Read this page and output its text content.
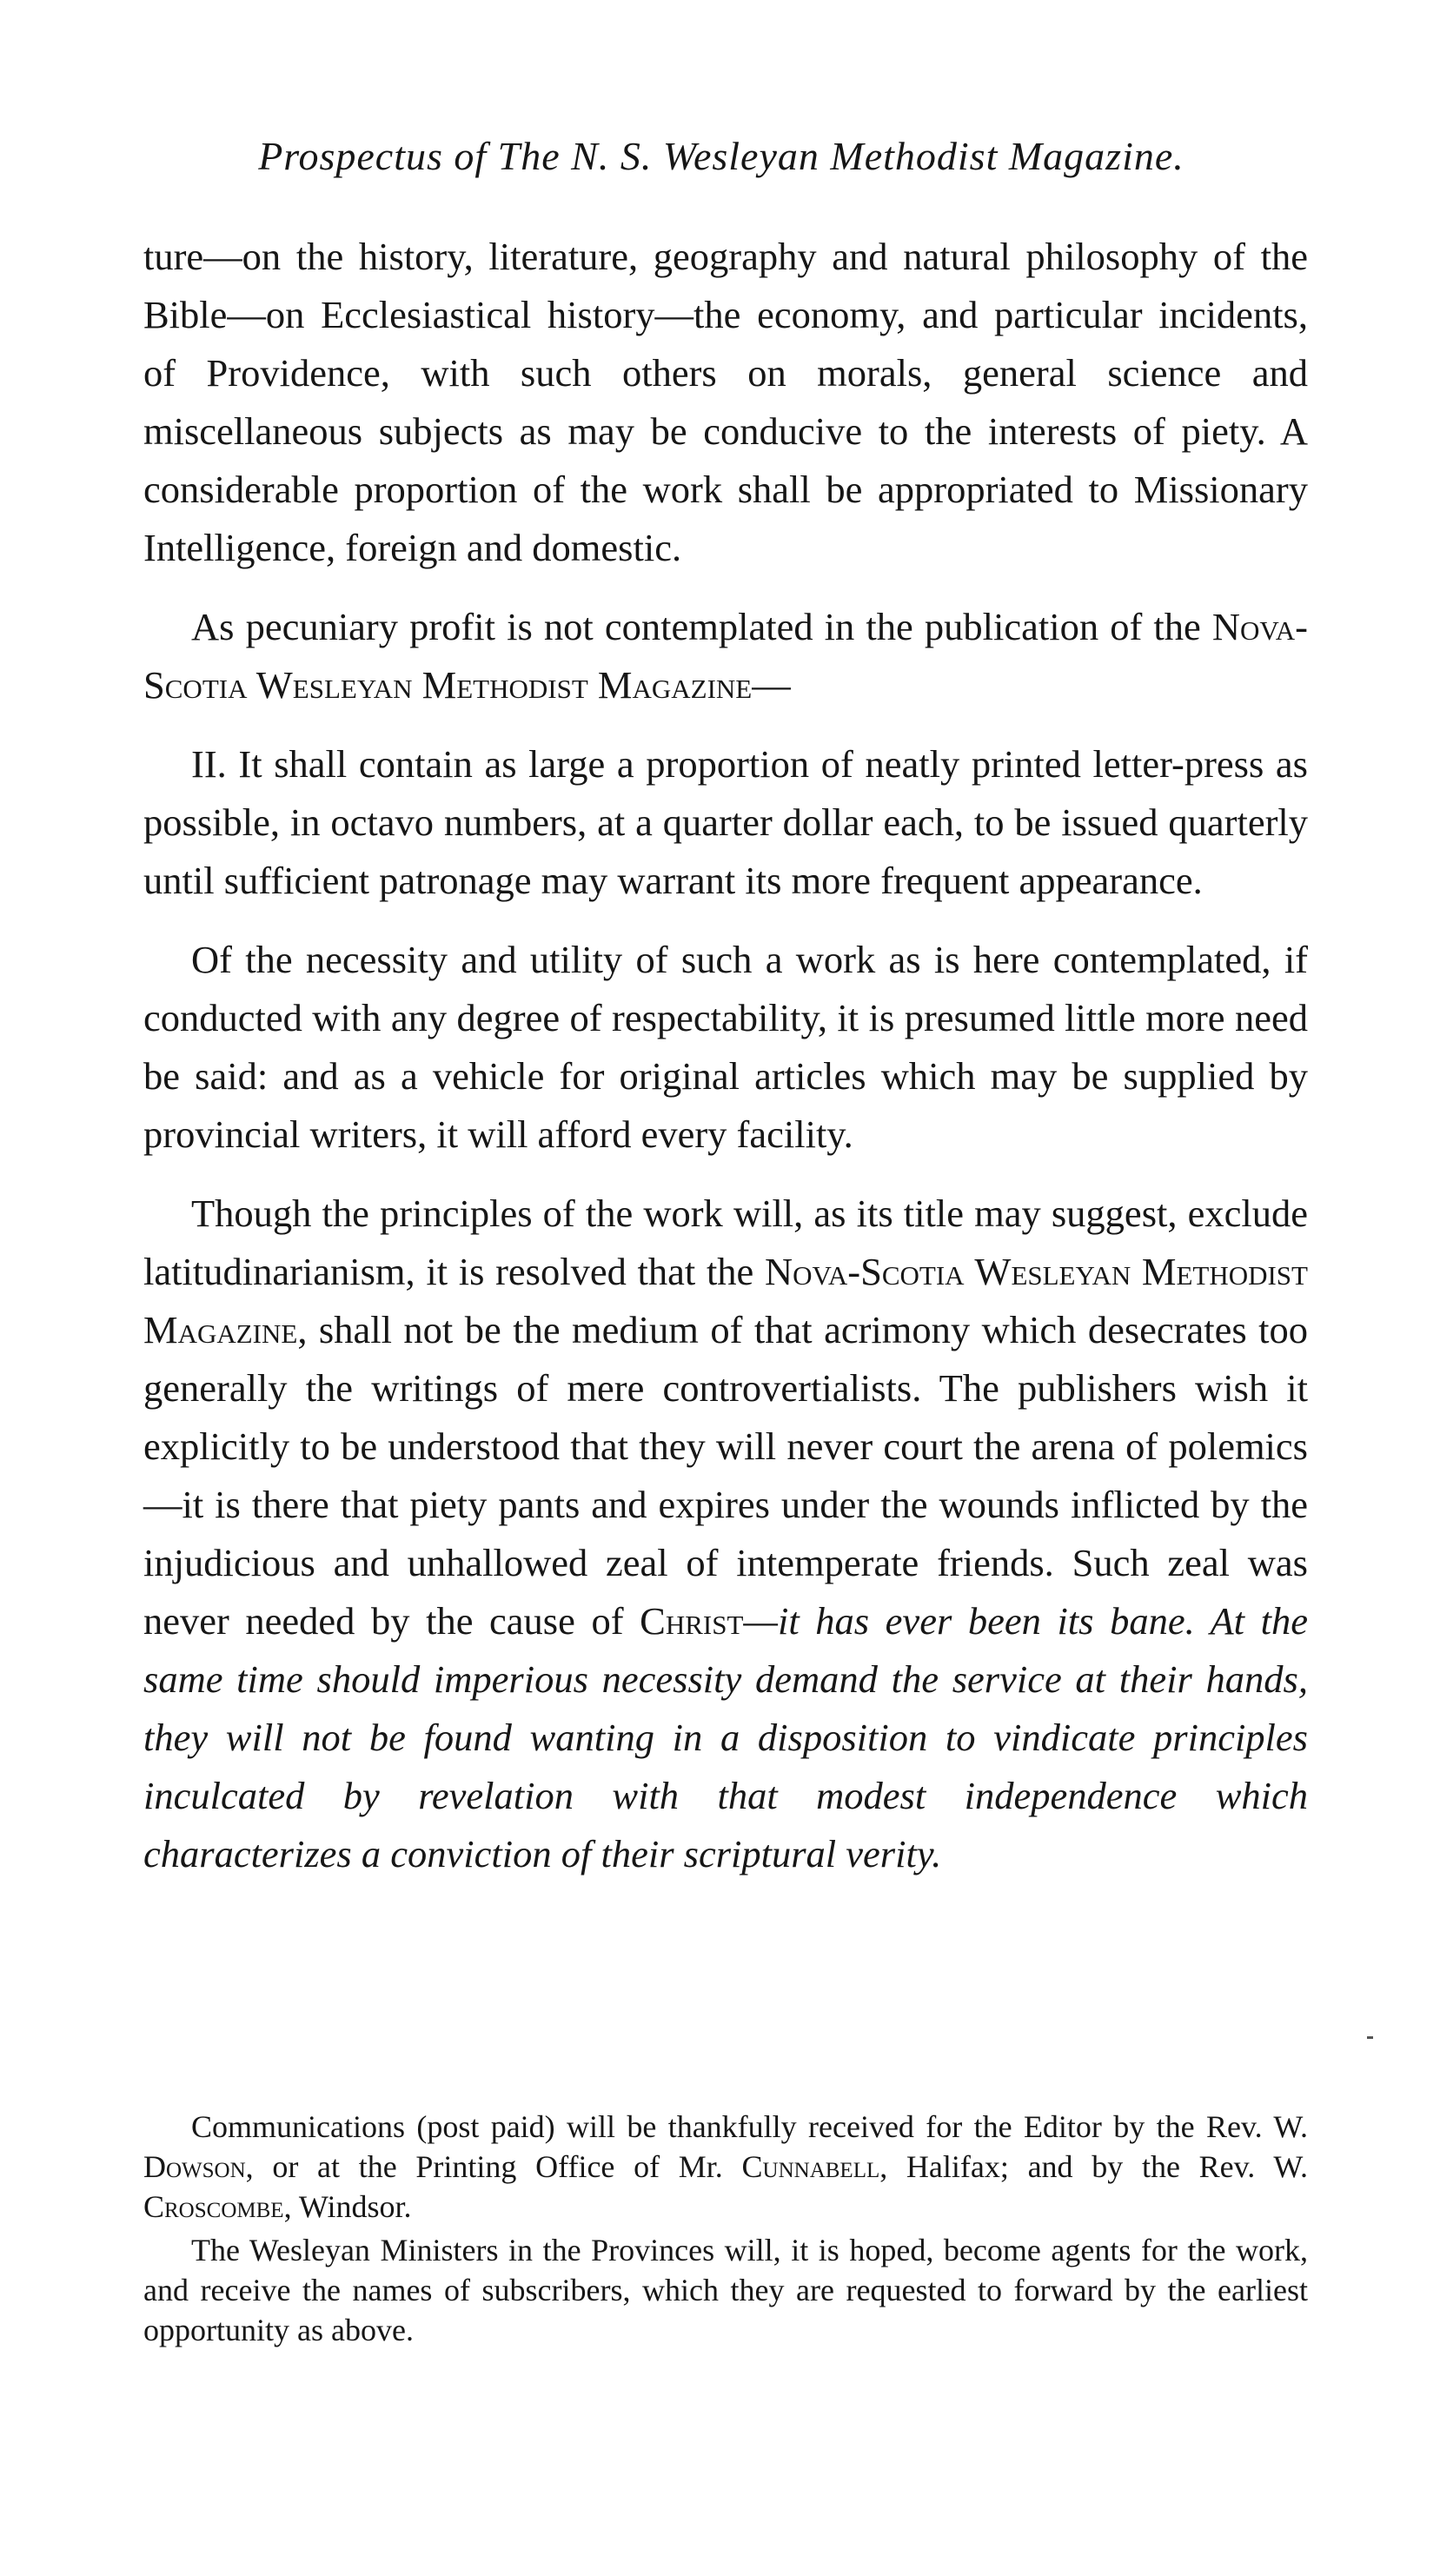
Prospectus of The N. S. Wesleyan Methodist Magazine.

ture—on the history, literature, geography and natural philosophy of the Bible—on Ecclesiastical history—the economy, and particular incidents, of Providence, with such others on morals, general science and miscellaneous subjects as may be conducive to the interests of piety. A considerable proportion of the work shall be appropriated to Missionary Intelligence, foreign and domestic.

As pecuniary profit is not contemplated in the publication of the Nova-Scotia Wesleyan Methodist Magazine—

II. It shall contain as large a proportion of neatly printed letter-press as possible, in octavo numbers, at a quarter dollar each, to be issued quarterly until sufficient patronage may warrant its more frequent appearance.

Of the necessity and utility of such a work as is here contemplated, if conducted with any degree of respectability, it is presumed little more need be said: and as a vehicle for original articles which may be supplied by provincial writers, it will afford every facility.

Though the principles of the work will, as its title may suggest, exclude latitudinarianism, it is resolved that the Nova-Scotia Wesleyan Methodist Magazine, shall not be the medium of that acrimony which desecrates too generally the writings of mere controvertialists. The publishers wish it explicitly to be understood that they will never court the arena of polemics—it is there that piety pants and expires under the wounds inflicted by the injudicious and unhallowed zeal of intemperate friends. Such zeal was never needed by the cause of Christ—it has ever been its bane. At the same time should imperious necessity demand the service at their hands, they will not be found wanting in a disposition to vindicate principles inculcated by revelation with that modest independence which characterizes a conviction of their scriptural verity.

Communications (post paid) will be thankfully received for the Editor by the Rev. W. Dowson, or at the Printing Office of Mr. Cunnabell, Halifax; and by the Rev. W. Croscombe, Windsor.

The Wesleyan Ministers in the Provinces will, it is hoped, become agents for the work, and receive the names of subscribers, which they are requested to forward by the earliest opportunity as above.
